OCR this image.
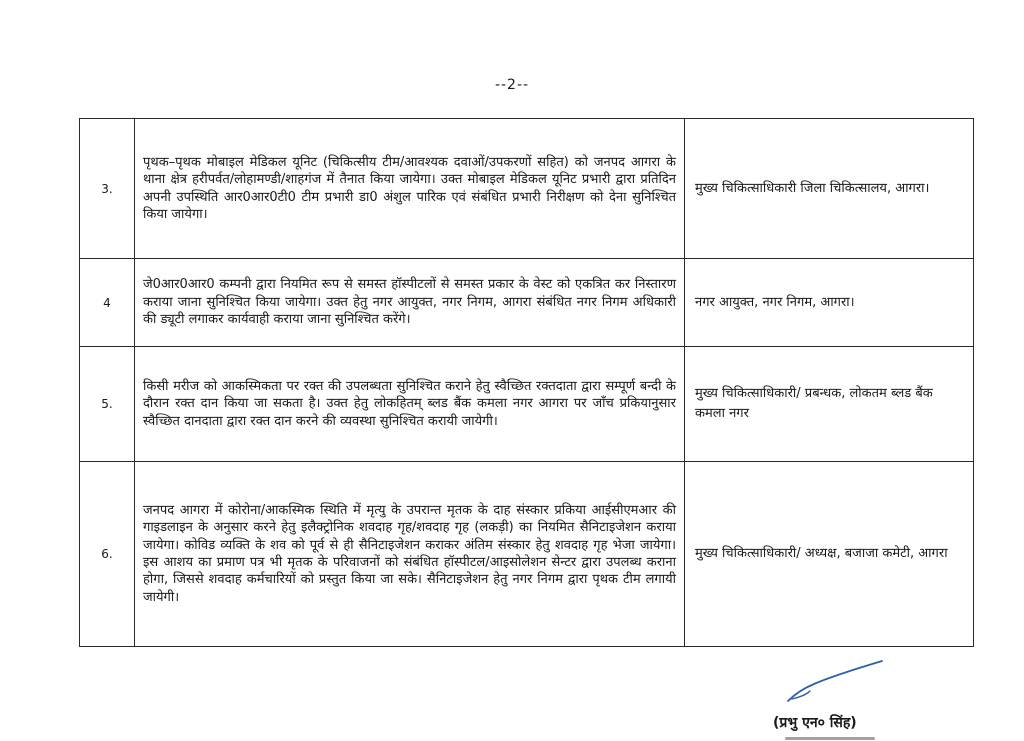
--2--
3.	पृथक–पृथक मोबाइल मेडिकल यूनिट (चिकित्सीय टीम/आवश्यक दवाओं/उपकरणों सहित) को जनपद आगरा के थाना क्षेत्र हरीपर्वत/लोहामण्डी/शाहगंज में तैनात किया जायेगा। उक्त मोबाइल मेडिकल यूनिट प्रभारी द्वारा प्रतिदिन अपनी उपस्थिति आर0आर0टी0 टीम प्रभारी डा0 अंशुल पारिक एवं संबंधित प्रभारी निरीक्षण को देना सुनिश्चित किया जायेगा।	मुख्य चिकित्साधिकारी जिला चिकित्सालय, आगरा।
4	जे0आर0आर0 कम्पनी द्वारा नियमित रूप से समस्त हॉस्पीटलों से समस्त प्रकार के वेस्ट को एकत्रित कर निस्तारण कराया जाना सुनिश्चित किया जायेगा। उक्त हेतु नगर आयुक्त, नगर निगम, आगरा संबंधित नगर निगम अधिकारी की ड्यूटी लगाकर कार्यवाही कराया जाना सुनिश्चित करेंगे।	नगर आयुक्त, नगर निगम, आगरा।
5.	किसी मरीज को आकस्मिकता पर रक्त की उपलब्धता सुनिश्चित कराने हेतु स्वैच्छित रक्तदाता द्वारा सम्पूर्ण बन्दी के दौरान रक्त दान किया जा सकता है। उक्त हेतु लोकहितम् ब्लड बैंक कमला नगर आगरा पर जाँच प्रकियानुसार स्वैच्छित दानदाता द्वारा रक्त दान करने की व्यवस्था सुनिश्चित करायी जायेगी।	मुख्य चिकित्साधिकारी/ प्रबन्धक, लोकतम ब्लड बैंक कमला नगर
6.	जनपद आगरा में कोरोना/आकस्मिक स्थिति में मृत्यु के उपरान्त मृतक के दाह संस्कार प्रकिया आईसीएमआर की गाइडलाइन के अनुसार करने हेतु इलैक्ट्रोनिक शवदाह गृह/शवदाह गृह (लकड़ी) का नियमित सैनिटाइजेशन कराया जायेगा। कोविड व्यक्ति के शव को पूर्व से ही सैनिटाइजेशन कराकर अंतिम संस्कार हेतु शवदाह गृह भेजा जायेगा। इस आशय का प्रमाण पत्र भी मृतक के परिवाजनों को संबंधित हॉस्पीटल/आइसोलेशन सेन्टर द्वारा उपलब्ध कराना होगा, जिससे शवदाह कर्मचारियों को प्रस्तुत किया जा सके। सैनिटाइजेशन हेतु नगर निगम द्वारा पृथक टीम लगायी जायेगी।	मुख्य चिकित्साधिकारी/ अध्यक्ष, बजाजा कमेटी, आगरा
(प्रभु एन० सिंह)
